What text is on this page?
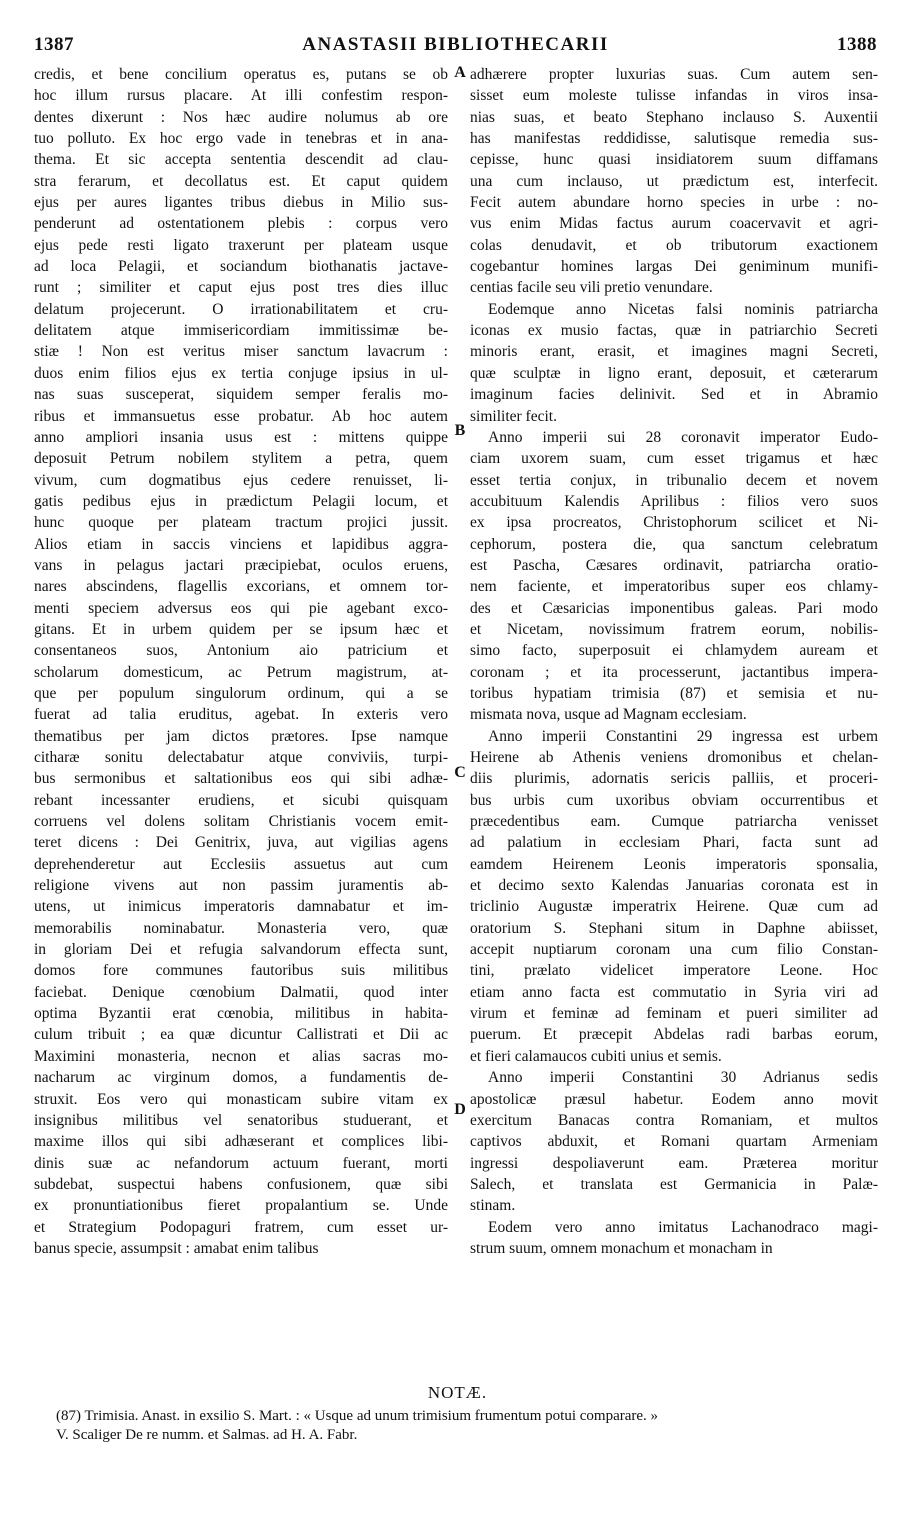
1387	ANASTASII BIBLIOTHECARII	1388
credis, et bene concilium operatus es, putans se ob
hoc illum rursus placare. At illi confestim respon-
dentes dixerunt : Nos hæc audire nolumus ab ore
tuo polluto. Ex hoc ergo vade in tenebras et in ana-
thema. Et sic accepta sententia descendit ad clau-
stra ferarum, et decollatus est. Et caput quidem
ejus per aures ligantes tribus diebus in Milio sus-
penderunt ad ostentationem plebis : corpus vero
ejus pede resti ligato traxerunt per plateam usque
ad loca Pelagii, et sociandum biothanatis jactave-
runt ; similiter et caput ejus post tres dies illuc
delatum projecerunt. O irrationabilitatem et cru-
delitatem atque immisericordiam immitissimæ be-
stiæ ! Non est veritus miser sanctum lavacrum :
duos enim filios ejus ex tertia conjuge ipsius in ul-
nas suas susceperat, siquidem semper feralis mo-
ribus et immansuetus esse probatur. Ab hoc autem
anno ampliori insania usus est : mittens quippe
deposuit Petrum nobilem stylitem a petra, quem
vivum, cum dogmatibus ejus cedere renuisset, li-
gatis pedibus ejus in prædictum Pelagii locum, et
hunc quoque per plateam tractum projici jussit.
Alios etiam in saccis vinciens et lapidibus aggra-
vans in pelagus jactari præcipiebat, oculos eruens,
nares abscindens, flagellis excorians, et omnem tor-
menti speciem adversus eos qui pie agebant exco-
gitans. Et in urbem quidem per se ipsum hæc et
consentaneos suos, Antonium aio patricium et
scholarum domesticum, ac Petrum magistrum, at-
que per populum singulorum ordinum, qui a se
fuerat ad talia eruditus, agebat. In exteris vero
thematibus per jam dictos prætores. Ipse namque
citharæ sonitu delectabatur atque conviviis, turpi-
bus sermonibus et saltationibus eos qui sibi adhæ-
rebant incessanter erudiens, et sicubi quisquam
corruens vel dolens solitam Christianis vocem emit-
teret dicens : Dei Genitrix, juva, aut vigilias agens
deprehenderetur aut Ecclesiis assuetus aut cum
religione vivens aut non passim juramentis ab-
utens, ut inimicus imperatoris damnabatur et im-
memorabilis nominabatur. Monasteria vero, quæ
in gloriam Dei et refugia salvandorum effecta sunt,
domos fore communes fautoribus suis militibus
faciebat. Denique cœnobium Dalmatii, quod inter
optima Byzantii erat cœnobia, militibus in habita-
culum tribuit ; ea quæ dicuntur Callistrati et Dii ac
Maximini monasteria, necnon et alias sacras mo-
nacharum ac virginum domos, a fundamentis de-
struxit. Eos vero qui monasticam subire vitam ex
insignibus militibus vel senatoribus studuerant, et
maxime illos qui sibi adhæserant et complices libi-
dinis suæ ac nefandorum actuum fuerant, morti
subdebat, suspectui habens confusionem, quæ sibi
ex pronuntiationibus fieret propalantium se. Unde
et Strategium Podopaguri fratrem, cum esset ur-
banus specie, assumpsit : amabat enim talibus
adhærere propter luxurias suas. Cum autem sen-
sisset eum moleste tulisse infandas in viros insa-
nias suas, et beato Stephano inclauso S. Auxentii
has manifestas reddidisse, salutisque remedia sus-
cepisse, hunc quasi insidiatorem suum diffamans
una cum inclauso, ut prædictum est, interfecit.
Fecit autem abundare horno species in urbe : no-
vus enim Midas factus aurum coacervavit et agri-
colas denudavit, et ob tributorum exactionem
cogebantur homines largas Dei geniminum munifi-
centias facile seu vili pretio venundare.
Eodemque anno Nicetas falsi nominis patriarcha
iconas ex musio factas, quæ in patriarchio Secreti
minoris erant, erasit, et imagines magni Secreti,
quæ sculptæ in ligno erant, deposuit, et cæterarum
imaginum facies delinivit. Sed et in Abramio
similiter fecit.
Anno imperii sui 28 coronavit imperator Eudo-
ciam uxorem suam, cum esset trigamus et hæc
esset tertia conjux, in tribunalio decem et novem
accubituum Kalendis Aprilibus : filios vero suos
ex ipsa procreatos, Christophorum scilicet et Ni-
cephorum, postera die, qua sanctum celebratum
est Pascha, Cæsares ordinavit, patriarcha oratio-
nem faciente, et imperatoribus super eos chlamy-
des et Cæsaricias imponentibus galeas. Pari modo
et Nicetam, novissimum fratrem eorum, nobilis-
simo facto, superposuit ei chlamydem auream et
coronam ; et ita processerunt, jactantibus impera-
toribus hypatiam trimisia (87) et semisia et nu-
mismata nova, usque ad Magnam ecclesiam.
Anno imperii Constantini 29 ingressa est urbem
Heirene ab Athenis veniens dromonibus et chelan-
diis plurimis, adornatis sericis palliis, et proceri-
bus urbis cum uxoribus obviam occurrentibus et
præcedentibus eam. Cumque patriarcha venisset
ad palatium in ecclesiam Phari, facta sunt ad
eamdem Heirenem Leonis imperatoris sponsalia,
et decimo sexto Kalendas Januarias coronata est in
triclinio Augustæ imperatrix Heirene. Quæ cum ad
oratorium S. Stephani situm in Daphne abiisset,
accepit nuptiarum coronam una cum filio Constan-
tini, prælato videlicet imperatore Leone. Hoc
etiam anno facta est commutatio in Syria viri ad
virum et feminæ ad feminam et pueri similiter ad
puerum. Et præcepit Abdelas radi barbas eorum,
et fieri calamaucos cubiti unius et semis.
Anno imperii Constantini 30 Adrianus sedis
apostolicæ præsul habetur. Eodem anno movit
exercitum Banacas contra Romaniam, et multos
captivos abduxit, et Romani quartam Armeniam
ingressi despoliaverunt eam. Præterea moritur
Salech, et translata est Germanicia in Palæ-
stinam.
Eodem vero anno imitatus Lachanodraco magi-
strum suum, omnem monachum et monacham in
A
B
C
D
NOTÆ.
(87) Trimisia. Anast. in exsilio S. Mart. : « Usque ad unum trimisium frumentum potui comparare. »
V. Scaliger De re numm. et Salmas. ad H. A. Fabr.
